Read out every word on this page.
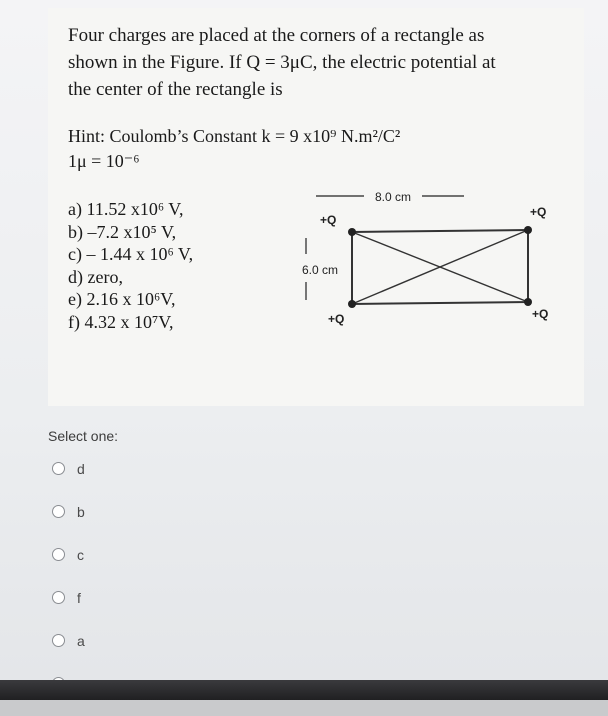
Four charges are placed at the corners of a rectangle as
shown in the Figure. If Q = 3μC, the electric potential at
the center of the rectangle is
Hint: Coulomb’s Constant k = 9 x10⁹ N.m²/C²
1μ = 10⁻⁶
a) 11.52 x10⁶ V,
b) –7.2 x10⁵ V,
c) – 1.44 x 10⁶ V,
d) zero,
e) 2.16 x 10⁶V,
f) 4.32 x 10⁷V,
8.0 cm
+Q
+Q
+Q	+Q
6.0 cm
Select one:
d
b
c
f
a
